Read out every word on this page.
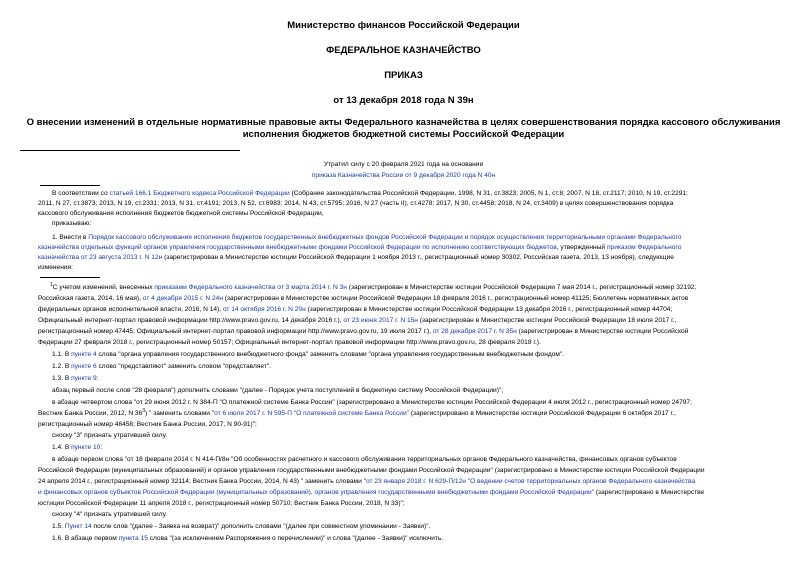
Министерство финансов Российской Федерации
ФЕДЕРАЛЬНОЕ КАЗНАЧЕЙСТВО
ПРИКАЗ
от 13 декабря 2018 года N 39н
О внесении изменений в отдельные нормативные правовые акты Федерального казначейства в целях совершенствования порядка кассового обслуживания
исполнения бюджетов бюджетной системы Российской Федерации
Утратил силу с 20 февраля 2021 года на основании
приказа Казначейства России от 9 декабря 2020 года N 40н
В соответствии со статьей 166.1 Бюджетного кодекса Российской Федерации (Собрание законодательства Российской Федерации, 1998, N 31, ст.3823; 2005, N 1, ст.8; 2007, N 18, ст.2117; 2010, N 19, ст.2291;
2011, N 27, ст.3873; 2013, N 19, ст.2331; 2013, N 31, ст.4191; 2013, N 52, ст.6983; 2014, N 43, ст.5795; 2016, N 27 (часть II), ст.4278; 2017, N 30, ст.4458; 2018, N 24, ст.3409) в целях совершенствования порядка
кассового обслуживания исполнения бюджетов бюджетной системы Российской Федерации,
приказываю:
1. Внести в Порядок кассового обслуживания исполнения бюджетов государственных внебюджетных фондов Российской Федерации и порядок осуществления территориальными органами Федерального
казначейства отдельных функций органов управления государственными внебюджетными фондами Российской Федерации по исполнению соответствующих бюджетов, утвержденный приказом Федерального
казначейства от 23 августа 2013 г. N 12н (зарегистрирован в Министерстве юстиции Российской Федерации 1 ноября 2013 г., регистрационный номер 30302, Российская газета, 2013, 13 ноября), следующие
изменения:
$^1$С учетом изменений, внесенных приказами Федерального казначейства от 3 марта 2014 г. N 3н (зарегистрирован в Министерстве юстиции Российской Федерации 7 мая 2014 г., регистрационный номер 32192;
Российская газета, 2014, 16 мая), от 4 декабря 2015 г. N 24н (зарегистрирован в Министерстве юстиции Российской Федерации 18 февраля 2016 г., регистрационный номер 41125; Бюллетень нормативных актов
федеральных органов исполнительной власти, 2016, N 14), от 14 октября 2016 г. N 20н (зарегистрирован в Министерстве юстиции Российской Федерации 13 декабря 2016 г., регистрационный номер 44704;
Официальный интернет-портал правовой информации http://www.pravo.gov.ru, 14 декабря 2016 г.), от 23 июня 2017 г. N 15н (зарегистрирован в Министерстве юстиции Российской Федерации 18 июля 2017 г.,
регистрационный номер 47445; Официальный интернет-портал правовой информации http://www.pravo.gov.ru, 19 июля 2017 г.), от 28 декабря 2017 г. N 35н (зарегистрирован в Министерстве юстиции Российской
Федерации 27 февраля 2018 г., регистрационный номер 50157; Официальный интернет-портал правовой информации http://www.pravo.gov.ru, 28 февраля 2018 г.).
1.1. В пункте 4 слова "органа управления государственного внебюджетного фонда" заменить словами "органа управления государственным внебюджетным фондом".
1.2. В пункте 6 слово "представляют" заменить словом "представляет".
1.3. В пункте 9:
абзац первый после слов "28 февраля") дополнить словами "(далее - Порядок учета поступлений в бюджетную систему Российской Федерации)";
в абзаце четвертом слова "от 29 июня 2012 г. N 384-П "О платежной системе Банка России" (зарегистрировано в Министерстве юстиции Российской Федерации 4 июля 2012 г., регистрационный номер 24797;
Вестник Банка России, 2012, N $36^3$) " заменить словами "от 6 июля 2017 г. N 595-П "О платежной системе Банка России" (зарегистрировано в Министерстве юстиции Российской Федерации 6 октября 2017 г.,
регистрационный номер 48458; Вестник Банка России, 2017, N 90-91)";
сноску "3" признать утратившей силу.
1.4. В пункте 10:
в абзаце первом слова "от 18 февраля 2014 г. N 414-П/8н "Об особенностях расчетного и кассового обслуживания территориальных органов Федерального казначейства, финансовых органов субъектов
Российской Федерации (муниципальных образований) и органов управления государственными внебюджетными фондами Российской Федерации" (зарегистрировано в Министерстве юстиции Российской Федерации
24 апреля 2014 г., регистрационный номер 32114; Вестник Банка России, 2014, N 43) " заменить словами "от 23 января 2018 г. N 629-П/12н "О ведении счетов территориальных органов Федерального казначейства
и финансовых органов субъектов Российской Федерации (муниципальных образований), органов управления государственными внебюджетными фондами Российской Федерации" (зарегистрировано в Министерстве
юстиции Российской Федерации 11 апреля 2018 г., регистрационный номер 50710; Вестник Банка России, 2018, N 33)";
сноску "4" признать утратившей силу.
1.5. Пункт 14 после слов "(далее - Заявка на возврат)" дополнить словами "(далее при совместном упоминании - Заявки)".
1.6. В абзаце первом пункта 15 слова "(за исключением Распоряжения о перечислении)" и слова "(далее - Заявки)" исключить.
